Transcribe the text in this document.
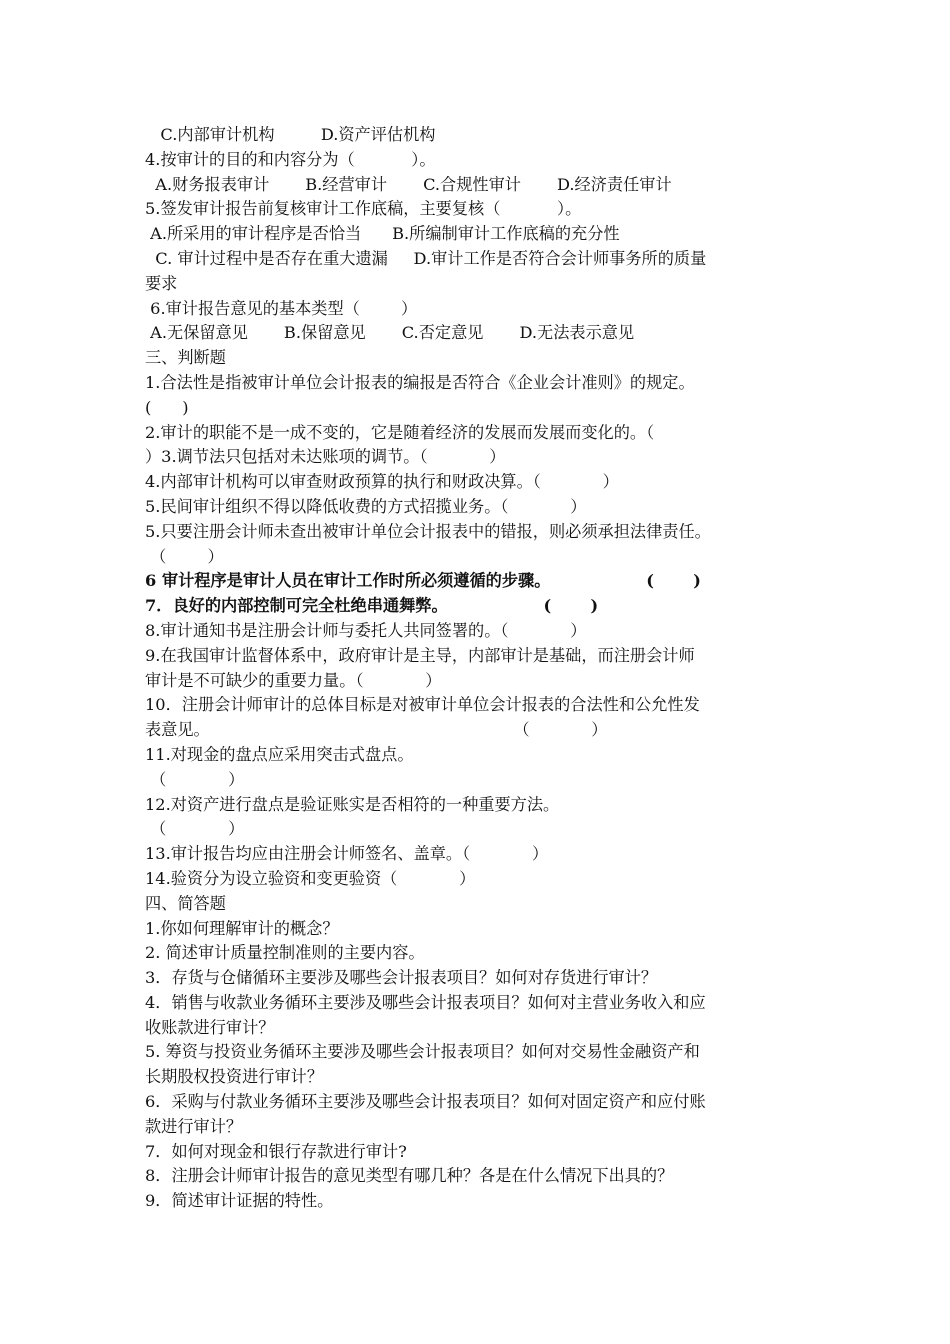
C.内部审计机构         D.资产评估机构
4.按审计的目的和内容分为（           ）。
A.财务报表审计       B.经营审计       C.合规性审计       D.经济责任审计
5.签发审计报告前复核审计工作底稿，主要复核（           ）。
A.所采用的审计程序是否恰当      B.所编制审计工作底稿的充分性
C. 审计过程中是否存在重大遗漏     D.审计工作是否符合会计师事务所的质量
要求
6.审计报告意见的基本类型（        ）
A.无保留意见       B.保留意见       C.否定意见       D.无法表示意见
三、判断题
1.合法性是指被审计单位会计报表的编报是否符合《企业会计准则》的规定。
(      )
2.审计的职能不是一成不变的，它是随着经济的发展而发展而变化的。（
）3.调节法只包括对未达账项的调节。（            ）
4.内部审计机构可以审查财政预算的执行和财政决算。（            ）
5.民间审计组织不得以降低收费的方式招揽业务。（            ）
5.只要注册会计师未查出被审计单位会计报表中的错报，则必须承担法律责任。
（        ）
6 审计程序是审计人员在审计工作时所必须遵循的步骤。                 (       )
7．良好的内部控制可完全杜绝串通舞弊。                 (       )
8.审计通知书是注册会计师与委托人共同签署的。（            ）
9.在我国审计监督体系中，政府审计是主导，内部审计是基础，而注册会计师
审计是不可缺少的重要力量。（            ）
10．注册会计师审计的总体目标是对被审计单位会计报表的合法性和公允性发
表意见。                                                           （            ）
11.对现金的盘点应采用突击式盘点。
（            ）
12.对资产进行盘点是验证账实是否相符的一种重要方法。
（            ）
13.审计报告均应由注册会计师签名、盖章。（            ）
14.验资分为设立验资和变更验资（            ）
四、简答题
1.你如何理解审计的概念？
2. 简述审计质量控制准则的主要内容。
3．存货与仓储循环主要涉及哪些会计报表项目？如何对存货进行审计？
4．销售与收款业务循环主要涉及哪些会计报表项目？如何对主营业务收入和应
收账款进行审计？
5. 筹资与投资业务循环主要涉及哪些会计报表项目？如何对交易性金融资产和
长期股权投资进行审计？
6．采购与付款业务循环主要涉及哪些会计报表项目？如何对固定资产和应付账
款进行审计？
7．如何对现金和银行存款进行审计?
8．注册会计师审计报告的意见类型有哪几种？各是在什么情况下出具的？
9．简述审计证据的特性。
